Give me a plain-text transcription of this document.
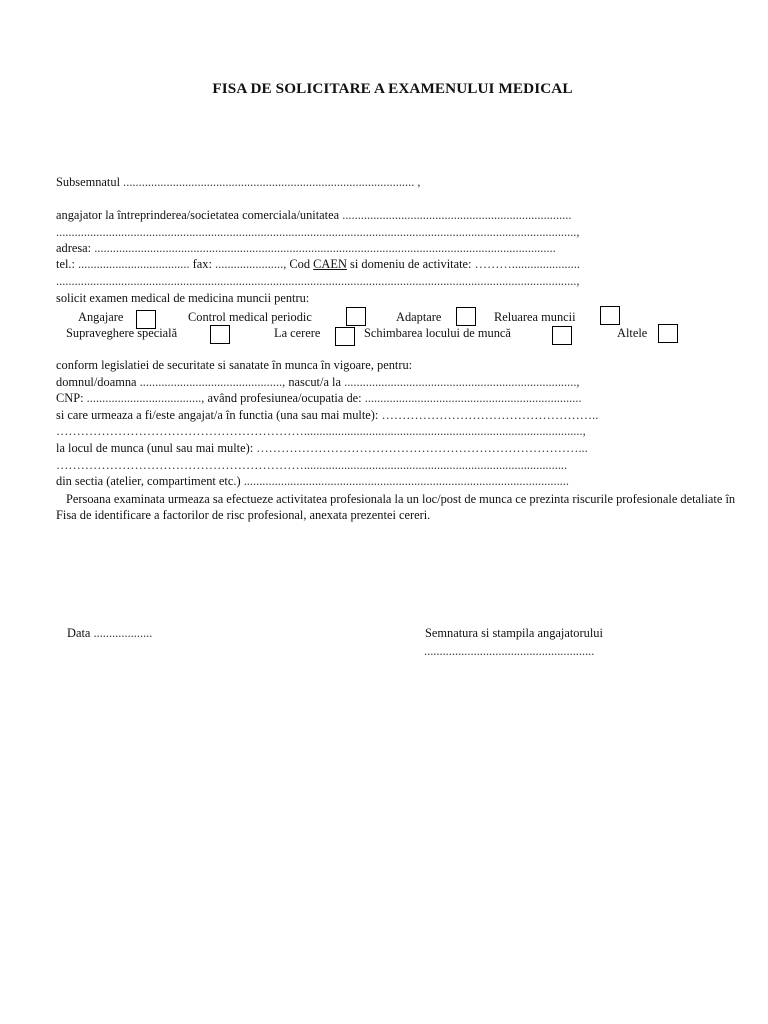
FISA DE SOLICITARE A EXAMENULUI MEDICAL
Subsemnatul .............................................................................................. ,
angajator la întreprinderea/societatea comerciala/unitatea ..........................................................................
........................................................................................................................................................................,
adresa: .....................................................................................................................................................
tel.: .................................... fax: ......................, Cod CAEN si domeniu de activitate: ………......................
........................................................................................................................................................................,
solicit examen medical de medicina muncii pentru:
Angajare	Control medical periodic	Adaptare	Reluarea muncii
Supraveghere specială	La cerere	Schimbarea locului de muncă	Altele
conform legislatiei de securitate si sanatate în munca în vigoare, pentru:
domnul/doamna .............................................., nascut/a la ...........................................................................,
CNP: ....................................., având profesiunea/ocupatia de: ......................................................................
si care urmeaza a fi/este angajat/a în functia (una sau mai multe): ……………………………………………..
……………………………………………………..........................................................................................,
la locul de munca (unul sau mai multe): ……………………………………………………………………...
…………………………………………………….....................................................................................
din sectia (atelier, compartiment etc.) .........................................................................................................
Persoana examinata urmeaza sa efectueze activitatea profesionala la un loc/post de munca ce prezinta riscurile profesionale detaliate în Fisa de identificare a factorilor de risc profesional, anexata prezentei cereri.
Data ...................	Semnatura si stampila angajatorului
.......................................................
